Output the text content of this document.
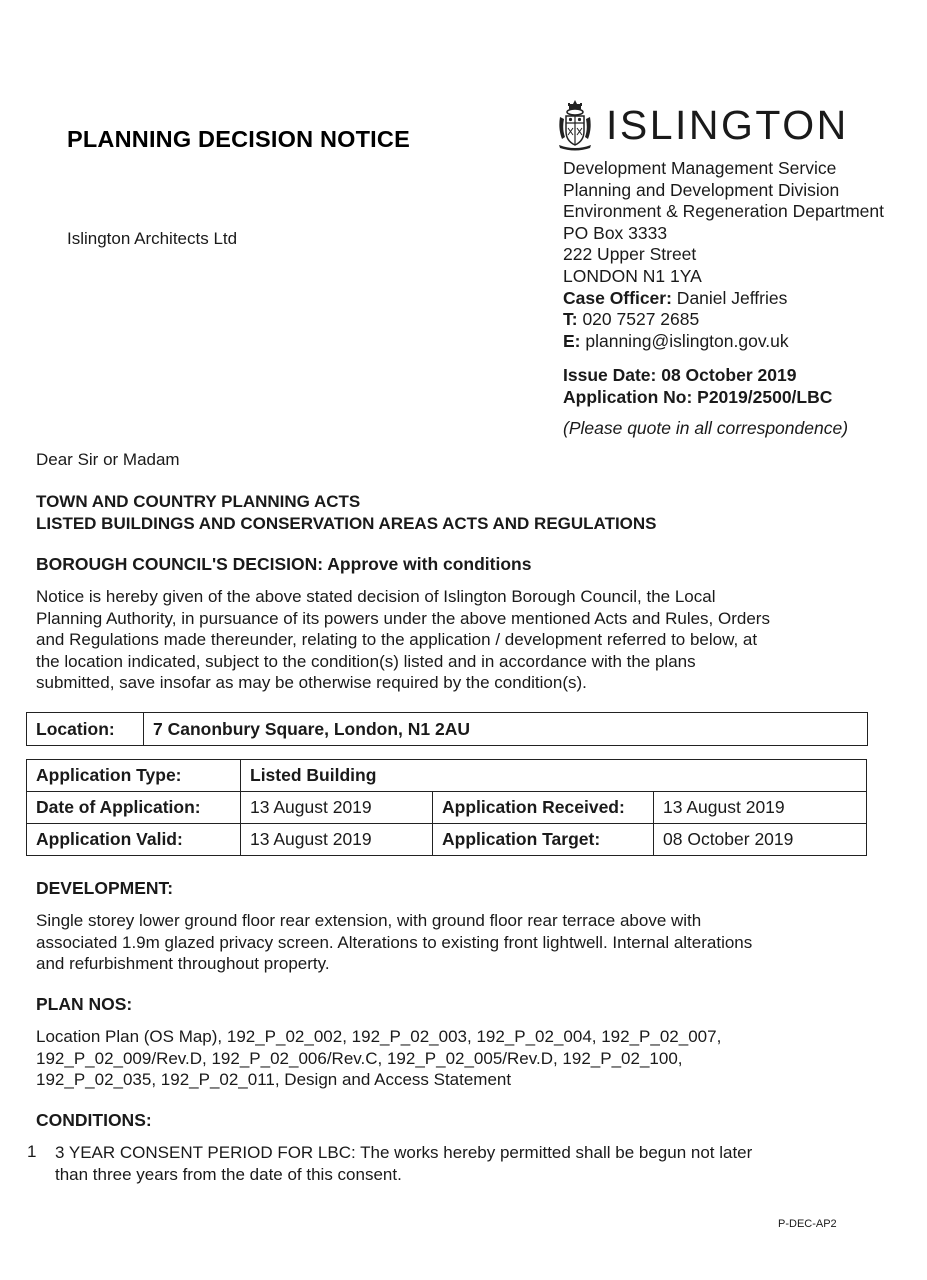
PLANNING DECISION NOTICE
Islington Architects Ltd
ISLINGTON
Development Management Service
Planning and Development Division
Environment & Regeneration Department
PO Box 3333
222 Upper Street
LONDON N1 1YA
Case Officer: Daniel Jeffries
T: 020 7527 2685
E: planning@islington.gov.uk
Issue Date: 08 October 2019
Application No: P2019/2500/LBC
(Please quote in all correspondence)
Dear Sir or Madam
TOWN AND COUNTRY PLANNING ACTS
LISTED BUILDINGS AND CONSERVATION AREAS ACTS AND REGULATIONS
BOROUGH COUNCIL'S DECISION: Approve with conditions
Notice is hereby given of the above stated decision of Islington Borough Council, the Local
Planning Authority, in pursuance of its powers under the above mentioned Acts and Rules, Orders
and Regulations made thereunder, relating to the application / development referred to below, at
the location indicated, subject to the condition(s) listed and in accordance with the plans
submitted, save insofar as may be otherwise required by the condition(s).
Location:	7 Canonbury Square, London, N1 2AU
Application Type:	Listed Building		
Date of Application:	13 August 2019	Application Received:	13 August 2019
Application Valid:	13 August 2019	Application Target:	08 October 2019
DEVELOPMENT:
Single storey lower ground floor rear extension, with ground floor rear terrace above with
associated 1.9m glazed privacy screen. Alterations to existing front lightwell. Internal alterations
and refurbishment throughout property.
PLAN NOS:
Location Plan (OS Map), 192_P_02_002, 192_P_02_003, 192_P_02_004, 192_P_02_007,
192_P_02_009/Rev.D, 192_P_02_006/Rev.C, 192_P_02_005/Rev.D, 192_P_02_100,
192_P_02_035, 192_P_02_011, Design and Access Statement
CONDITIONS:
1 3 YEAR CONSENT PERIOD FOR LBC: The works hereby permitted shall be begun not later
than three years from the date of this consent.
P-DEC-AP2
